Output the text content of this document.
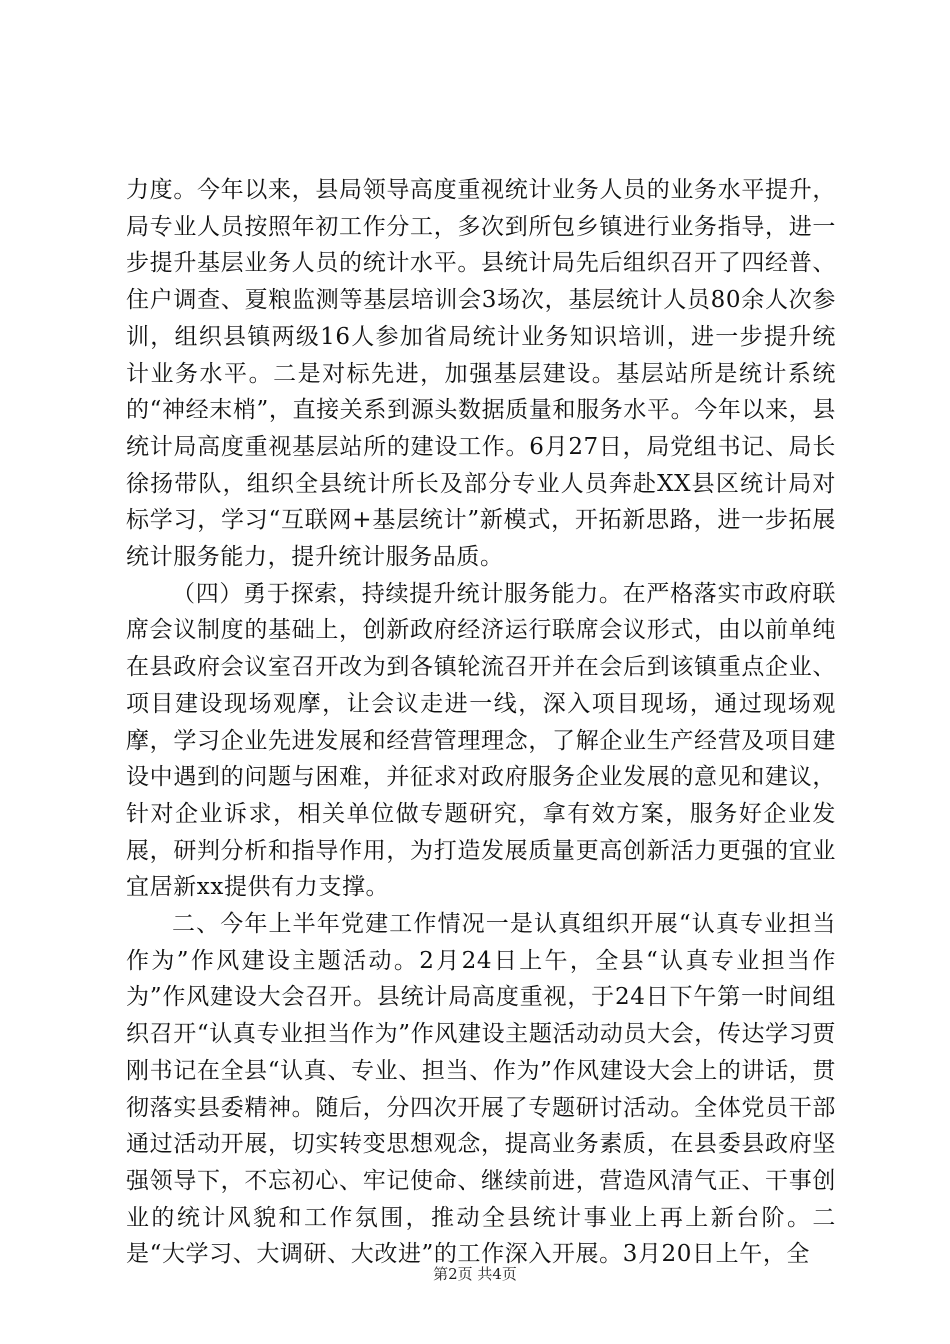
力度。今年以来，县局领导高度重视统计业务人员的业务水平提升，局专业人员按照年初工作分工，多次到所包乡镇进行业务指导，进一步提升基层业务人员的统计水平。县统计局先后组织召开了四经普、住户调查、夏粮监测等基层培训会3场次，基层统计人员80余人次参训，组织县镇两级16人参加省局统计业务知识培训，进一步提升统计业务水平。二是对标先进，加强基层建设。基层站所是统计系统的“神经末梢”，直接关系到源头数据质量和服务水平。今年以来，县统计局高度重视基层站所的建设工作。6月27日，局党组书记、局长徐扬带队，组织全县统计所长及部分专业人员奔赴XX县区统计局对标学习，学习“互联网+基层统计”新模式，开拓新思路，进一步拓展统计服务能力，提升统计服务品质。

（四）勇于探索，持续提升统计服务能力。在严格落实市政府联席会议制度的基础上，创新政府经济运行联席会议形式，由以前单纯在县政府会议室召开改为到各镇轮流召开并在会后到该镇重点企业、项目建设现场观摩，让会议走进一线，深入项目现场，通过现场观摩，学习企业先进发展和经营管理理念，了解企业生产经营及项目建设中遇到的问题与困难，并征求对政府服务企业发展的意见和建议，针对企业诉求，相关单位做专题研究，拿有效方案，服务好企业发展，研判分析和指导作用，为打造发展质量更高创新活力更强的宜业宜居新xx提供有力支撑。

二、今年上半年党建工作情况一是认真组织开展“认真专业担当作为”作风建设主题活动。2月24日上午，全县“认真专业担当作为”作风建设大会召开。县统计局高度重视，于24日下午第一时间组织召开“认真专业担当作为”作风建设主题活动动员大会，传达学习贾刚书记在全县“认真、专业、担当、作为”作风建设大会上的讲话，贯彻落实县委精神。随后，分四次开展了专题研讨活动。全体党员干部通过活动开展，切实转变思想观念，提高业务素质，在县委县政府坚强领导下，不忘初心、牢记使命、继续前进，营造风清气正、干事创业的统计风貌和工作氛围，推动全县统计事业上再上新台阶。二是“大学习、大调研、大改进”的工作深入开展。3月20日上午，全

第2页 共4页
